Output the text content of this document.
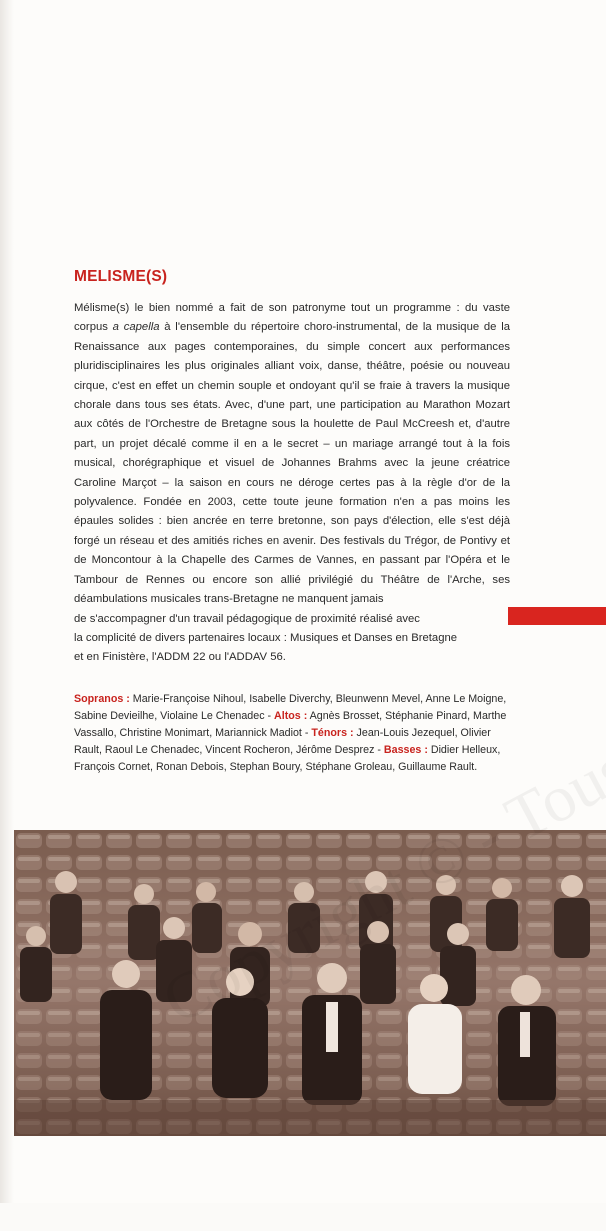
MELISME(S)

Mélisme(s) le bien nommé a fait de son patronyme tout un programme : du vaste corpus a capella à l'ensemble du répertoire choro-instrumental, de la musique de la Renaissance aux pages contemporaines, du simple concert aux performances pluridisciplinaires les plus originales alliant voix, danse, théâtre, poésie ou nouveau cirque, c'est en effet un chemin souple et ondoyant qu'il se fraie à travers la musique chorale dans tous ses états. Avec, d'une part, une participation au Marathon Mozart aux côtés de l'Orchestre de Bretagne sous la houlette de Paul McCreesh et, d'autre part, un projet décalé comme il en a le secret – un mariage arrangé tout à la fois musical, chorégraphique et visuel de Johannes Brahms avec la jeune créatrice Caroline Marçot – la saison en cours ne déroge certes pas à la règle d'or de la polyvalence. Fondée en 2003, cette toute jeune formation n'en a pas moins les épaules solides : bien ancrée en terre bretonne, son pays d'élection, elle s'est déjà forgé un réseau et des amitiés riches en avenir. Des festivals du Trégor, de Pontivy et de Moncontour à la Chapelle des Carmes de Vannes, en passant par l'Opéra et le Tambour de Rennes ou encore son allié privilégié du Théâtre de l'Arche, ses déambulations musicales trans-Bretagne ne manquent jamais

de s'accompagner d'un travail pédagogique de proximité réalisé avec

la complicité de divers partenaires locaux : Musiques et Danses en Bretagne

et en Finistère, l'ADDM 22 ou l'ADDAV 56.

Sopranos : Marie-Françoise Nihoul, Isabelle Diverchy, Bleunwenn Mevel, Anne Le Moigne, Sabine Devieilhe, Violaine Le Chenadec - Altos : Agnès Brosset, Stéphanie Pinard, Marthe Vassallo, Christine Monimart, Mariannick Madiot - Ténors : Jean-Louis Jezequel, Olivier Rault, Raoul Le Chenadec, Vincent Rocheron, Jérôme Desprez - Basses : Didier Helleux, François Cornet, Ronan Debois, Stephan Boury, Stéphane Groleau, Guillaume Rault.
